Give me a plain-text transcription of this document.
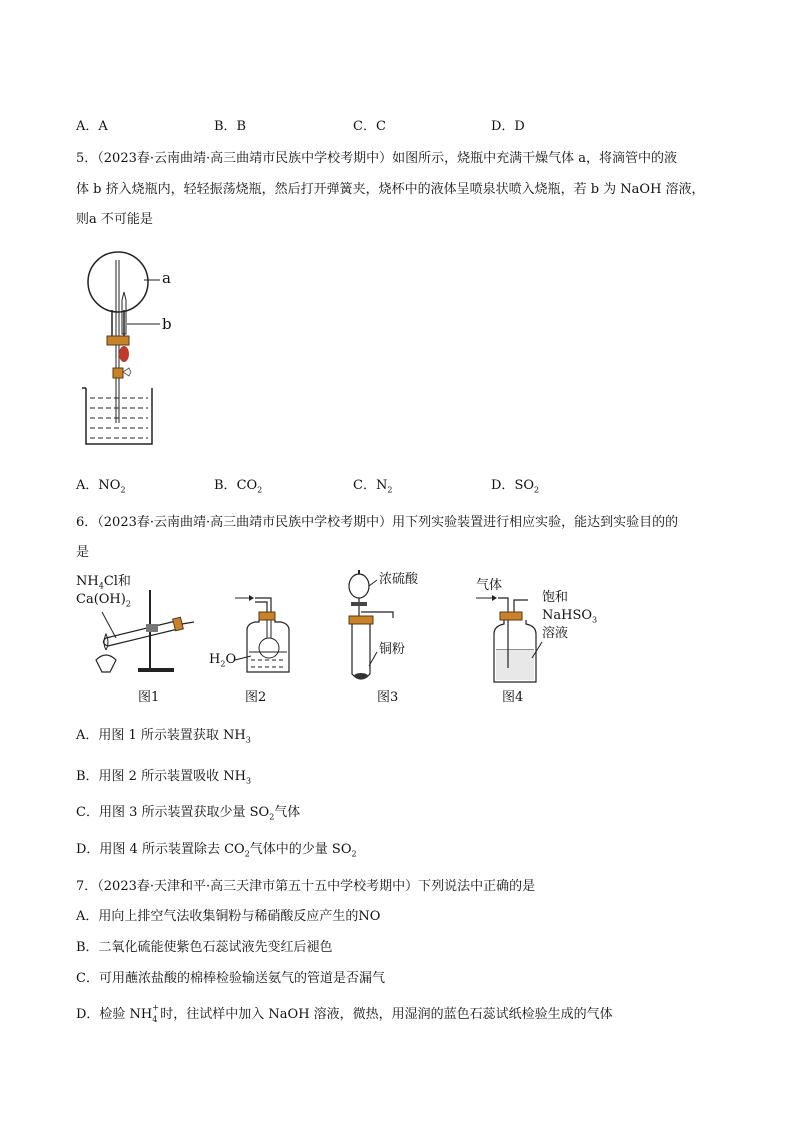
A．A	B．B	C．C	D．D
5．（2023春·云南曲靖·高三曲靖市民族中学校考期中）如图所示，烧瓶中充满干燥气体 a，将滴管中的液
体 b 挤入烧瓶内，轻轻振荡烧瓶，然后打开弹簧夹，烧杯中的液体呈喷泉状喷入烧瓶，若 b 为 NaOH 溶液，
则a 不可能是
a
b
A．$NO_2$	B．$CO_2$	C．$N_2$	D．$SO_2$
6．（2023春·云南曲靖·高三曲靖市民族中学校考期中）用下列实验装置进行相应实验，能达到实验目的的
是
$NH_4Cl$和
$Ca(OH)_2$
图1
$H_2O$
图2
浓硫酸
铜粉
图3
气体
饱和
NaHSO$_3$
溶液
图4
A．用图 1 所示装置获取 $NH_3$
B．用图 2 所示装置吸收 $NH_3$
C．用图 3 所示装置获取少量 $SO_2$气体
D．用图 4 所示装置除去 $CO_2$气体中的少量 $SO_2$
7．（2023春·天津和平·高三天津市第五十五中学校考期中）下列说法中正确的是
A．用向上排空气法收集铜粉与稀硝酸反应产生的NO
B．二氧化硫能使紫色石蕊试液先变红后褪色
C．可用蘸浓盐酸的棉棒检验输送氨气的管道是否漏气
D．检验 NH +
4 时，往试样中加入 NaOH 溶液，微热，用湿润的蓝色石蕊试纸检验生成的气体
